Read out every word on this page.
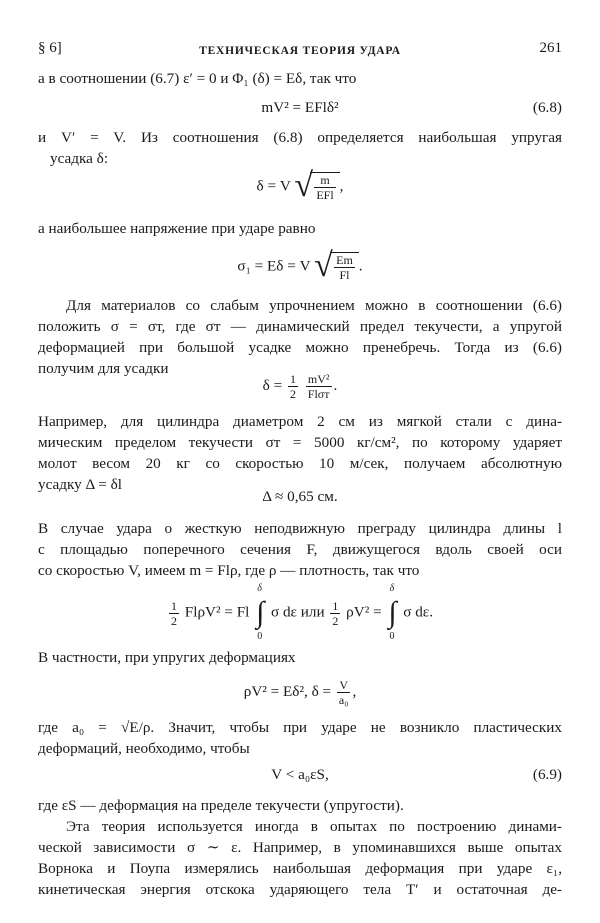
§ 6]	ТЕХНИЧЕСКАЯ ТЕОРИЯ УДАРА	261
а в соотношении (6.7) ε′ = 0 и Φ₁ (δ) = Eδ, так что
mV² = EFlδ²	(6.8)
и V′ = V. Из соотношения (6.8) определяется наибольшая упругая
усадка δ:
δ = V √ $\frac{m}{\text{EFl}}$ ,
а наибольшее напряжение при ударе равно
σ₁ = Eδ = V √ $\frac{Em}{Fl}$ .
Для материалов со слабым упрочнением можно в соотношении (6.6)
положить σ = σт, где σт — динамический предел текучести, а упругой
деформацией при большой усадке можно пренебречь. Тогда из (6.6)
получим для усадки
$\delta = \frac{1}{2}$
$\frac{\text{mV²}}{\text{Flσт}}$ .
Например, для цилиндра диаметром 2 см из мягкой стали с дина-
мическим пределом текучести σт = 5000 кг/см², по которому ударяет
молот весом 20 кг со скоростью 10 м/сек, получаем абсолютную
усадку Δ = δl
Δ ≈ 0,65 см.
В случае удара о жесткую неподвижную преграду цилиндра длины l
с площадью поперечного сечения F, движущегося вдоль своей оси
со скоростью V, имеем m = Flρ, где ρ — плотность, так что
$\frac{1}{2} Fl\rho V^2 = Fl$
δ
∫
0
σ dε или $\frac{1}{2} \rho V^2$ =
δ
∫
0
σ dε.
В частности, при упругих деформациях
ρV² = Eδ², $\delta = \frac{V}{\text{a₀}}$ ,
где a₀ = √E/ρ. Значит, чтобы при ударе не возникло пластических
деформаций, необходимо, чтобы
V < a₀εS,	(6.9)
где εS — деформация на пределе текучести (упругости).
Эта теория используется иногда в опытах по построению динами-
ческой зависимости σ ∼ ε. Например, в упоминавшихся выше опытах
Ворнока и Поупа измерялись наибольшая деформация при ударе ε₁,
кинетическая энергия отскока ударяющего тела T′ и остаточная де-
